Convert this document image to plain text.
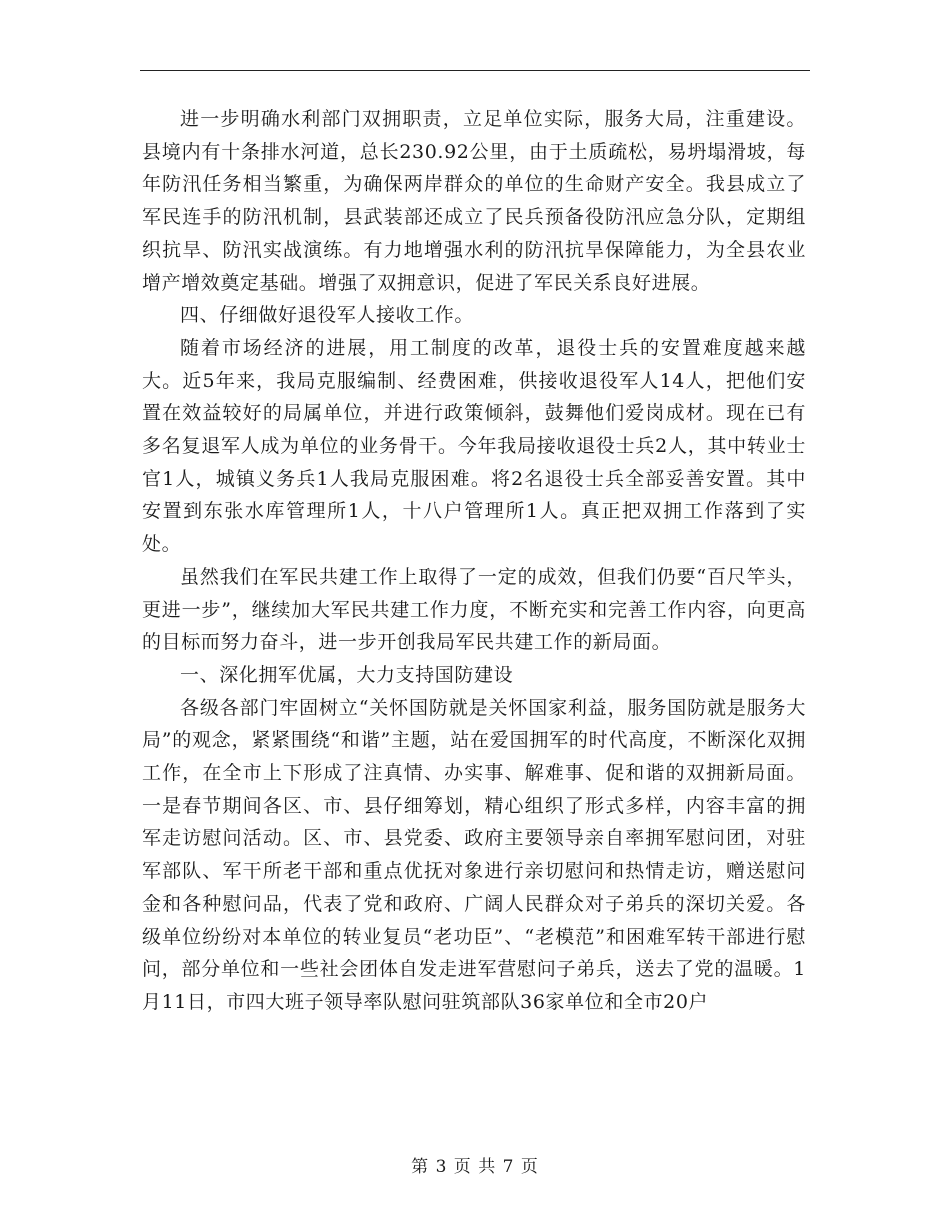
进一步明确水利部门双拥职责，立足单位实际，服务大局，注重建设。县境内有十条排水河道，总长230.92公里，由于土质疏松，易坍塌滑坡，每年防汛任务相当繁重，为确保两岸群众的单位的生命财产安全。我县成立了军民连手的防汛机制，县武装部还成立了民兵预备役防汛应急分队，定期组织抗旱、防汛实战演练。有力地增强水利的防汛抗旱保障能力，为全县农业增产增效奠定基础。增强了双拥意识，促进了军民关系良好进展。

四、仔细做好退役军人接收工作。

随着市场经济的进展，用工制度的改革，退役士兵的安置难度越来越大。近5年来，我局克服编制、经费困难，供接收退役军人14人，把他们安置在效益较好的局属单位，并进行政策倾斜，鼓舞他们爱岗成材。现在已有多名复退军人成为单位的业务骨干。今年我局接收退役士兵2人，其中转业士官1人，城镇义务兵1人我局克服困难。将2名退役士兵全部妥善安置。其中安置到东张水库管理所1人，十八户管理所1人。真正把双拥工作落到了实处。

虽然我们在军民共建工作上取得了一定的成效，但我们仍要“百尺竿头，更进一步”，继续加大军民共建工作力度，不断充实和完善工作内容，向更高的目标而努力奋斗，进一步开创我局军民共建工作的新局面。

一、深化拥军优属，大力支持国防建设

各级各部门牢固树立“关怀国防就是关怀国家利益，服务国防就是服务大局”的观念，紧紧围绕“和谐”主题，站在爱国拥军的时代高度，不断深化双拥工作，在全市上下形成了注真情、办实事、解难事、促和谐的双拥新局面。一是春节期间各区、市、县仔细筹划，精心组织了形式多样，内容丰富的拥军走访慰问活动。区、市、县党委、政府主要领导亲自率拥军慰问团，对驻军部队、军干所老干部和重点优抚对象进行亲切慰问和热情走访，赠送慰问金和各种慰问品，代表了党和政府、广阔人民群众对子弟兵的深切关爱。各级单位纷纷对本单位的转业复员“老功臣”、“老模范”和困难军转干部进行慰问，部分单位和一些社会团体自发走进军营慰问子弟兵，送去了党的温暖。1月11日，市四大班子领导率队慰问驻筑部队36家单位和全市20户

第 3 页 共 7 页
